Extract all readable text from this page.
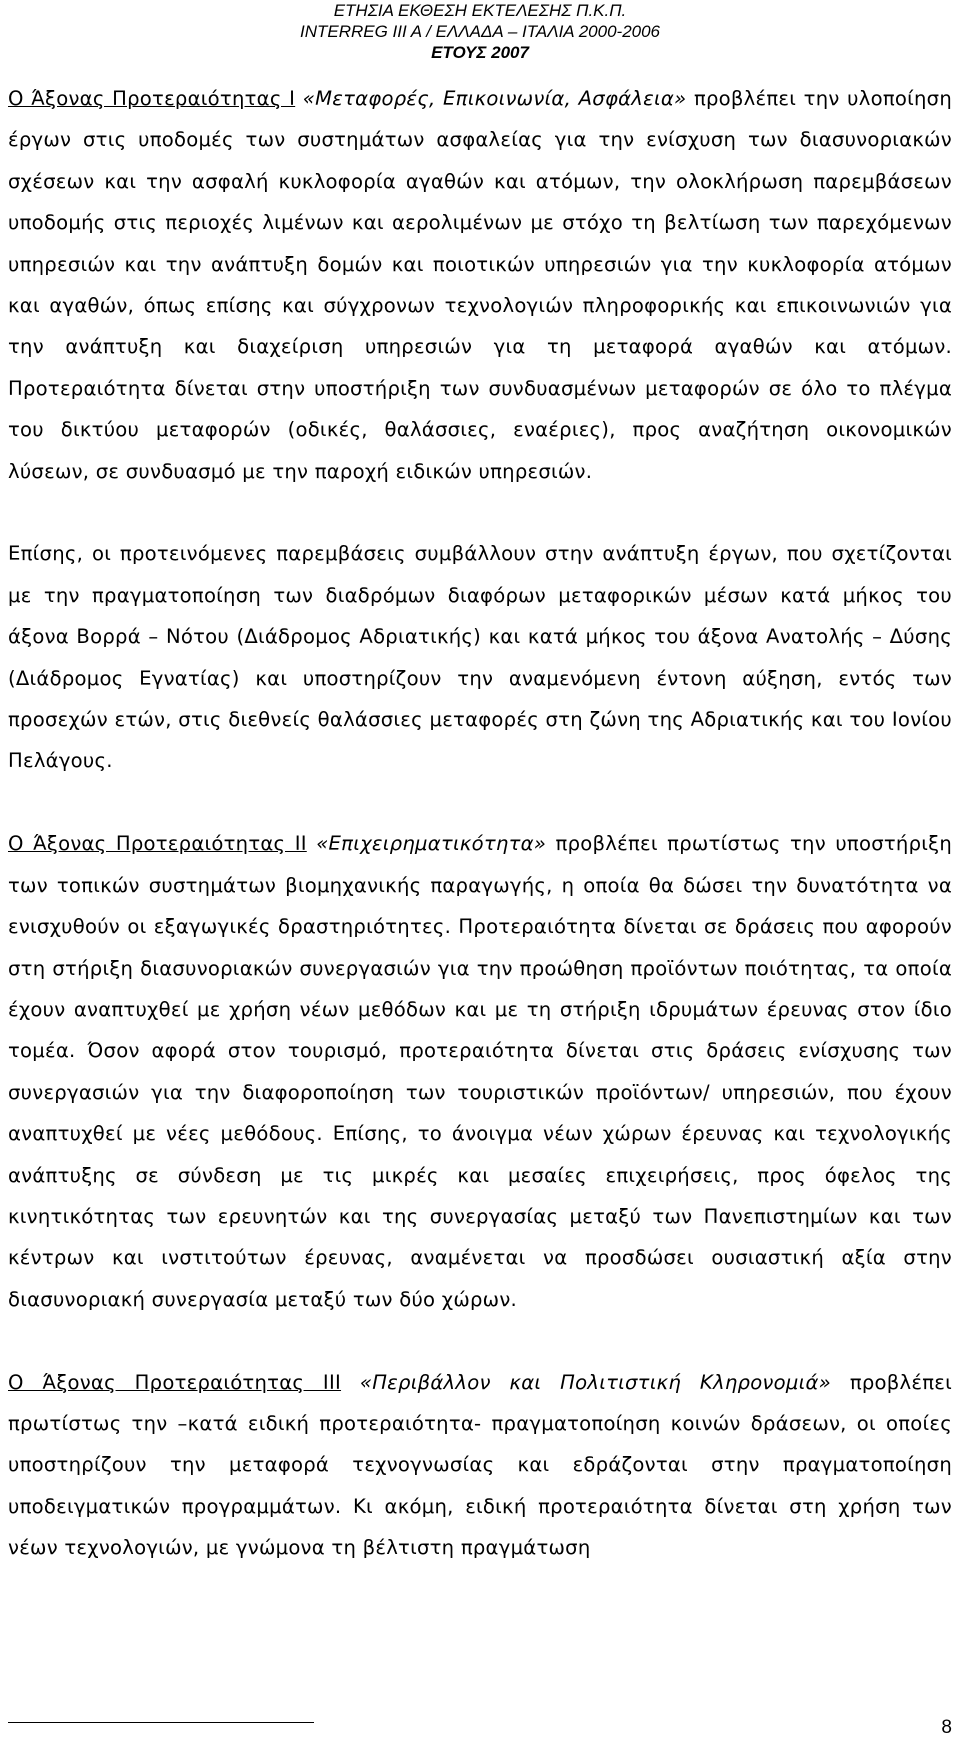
ΕΤΗΣΙΑ ΕΚΘΕΣΗ ΕΚΤΕΛΕΣΗΣ Π.Κ.Π.
INTERREG III A / ΕΛΛΑΔΑ – ΙΤΑΛΙΑ 2000-2006
ΕΤΟΥΣ 2007

Ο Άξονας Προτεραιότητας Ι «Μεταφορές, Επικοινωνία, Ασφάλεια» προβλέπει την υλοποίηση έργων στις υποδομές των συστημάτων ασφαλείας για την ενίσχυση των διασυνοριακών σχέσεων και την ασφαλή κυκλοφορία αγαθών και ατόμων, την ολοκλήρωση παρεμβάσεων υποδομής στις περιοχές λιμένων και αερολιμένων με στόχο τη βελτίωση των παρεχόμενων υπηρεσιών και την ανάπτυξη δομών και ποιοτικών υπηρεσιών για την κυκλοφορία ατόμων και αγαθών, όπως επίσης και σύγχρονων τεχνολογιών πληροφορικής και επικοινωνιών για την ανάπτυξη και διαχείριση υπηρεσιών για τη μεταφορά αγαθών και ατόμων. Προτεραιότητα δίνεται στην υποστήριξη των συνδυασμένων μεταφορών σε όλο το πλέγμα του δικτύου μεταφορών (οδικές, θαλάσσιες, εναέριες), προς αναζήτηση οικονομικών λύσεων, σε συνδυασμό με την παροχή ειδικών υπηρεσιών.

Επίσης, οι προτεινόμενες παρεμβάσεις συμβάλλουν στην ανάπτυξη έργων, που σχετίζονται με την πραγματοποίηση των διαδρόμων διαφόρων μεταφορικών μέσων κατά μήκος του άξονα Βορρά – Νότου (Διάδρομος Αδριατικής) και κατά μήκος του άξονα Ανατολής – Δύσης (Διάδρομος Εγνατίας) και υποστηρίζουν την αναμενόμενη έντονη αύξηση, εντός των προσεχών ετών, στις διεθνείς θαλάσσιες μεταφορές στη ζώνη της Αδριατικής και του Ιονίου Πελάγους.

Ο Άξονας Προτεραιότητας ΙΙ «Επιχειρηματικότητα» προβλέπει πρωτίστως την υποστήριξη των τοπικών συστημάτων βιομηχανικής παραγωγής, η οποία θα δώσει την δυνατότητα να ενισχυθούν οι εξαγωγικές δραστηριότητες. Προτεραιότητα δίνεται σε δράσεις που αφορούν στη στήριξη διασυνοριακών συνεργασιών για την προώθηση προϊόντων ποιότητας, τα οποία έχουν αναπτυχθεί με χρήση νέων μεθόδων και με τη στήριξη ιδρυμάτων έρευνας στον ίδιο τομέα. Όσον αφορά στον τουρισμό, προτεραιότητα δίνεται στις δράσεις ενίσχυσης των συνεργασιών για την διαφοροποίηση των τουριστικών προϊόντων/ υπηρεσιών, που έχουν αναπτυχθεί με νέες μεθόδους. Επίσης, το άνοιγμα νέων χώρων έρευνας και τεχνολογικής ανάπτυξης σε σύνδεση με τις μικρές και μεσαίες επιχειρήσεις, προς όφελος της κινητικότητας των ερευνητών και της συνεργασίας μεταξύ των Πανεπιστημίων και των κέντρων και ινστιτούτων έρευνας, αναμένεται να προσδώσει ουσιαστική αξία στην διασυνοριακή συνεργασία μεταξύ των δύο χώρων.

Ο Άξονας Προτεραιότητας ΙΙΙ «Περιβάλλον και Πολιτιστική Κληρονομιά» προβλέπει πρωτίστως την –κατά ειδική προτεραιότητα- πραγματοποίηση κοινών δράσεων, οι οποίες υποστηρίζουν την μεταφορά τεχνογνωσίας και εδράζονται στην πραγματοποίηση υποδειγματικών προγραμμάτων. Κι ακόμη, ειδική προτεραιότητα δίνεται στη χρήση των νέων τεχνολογιών, με γνώμονα τη βέλτιστη πραγμάτωση

8
